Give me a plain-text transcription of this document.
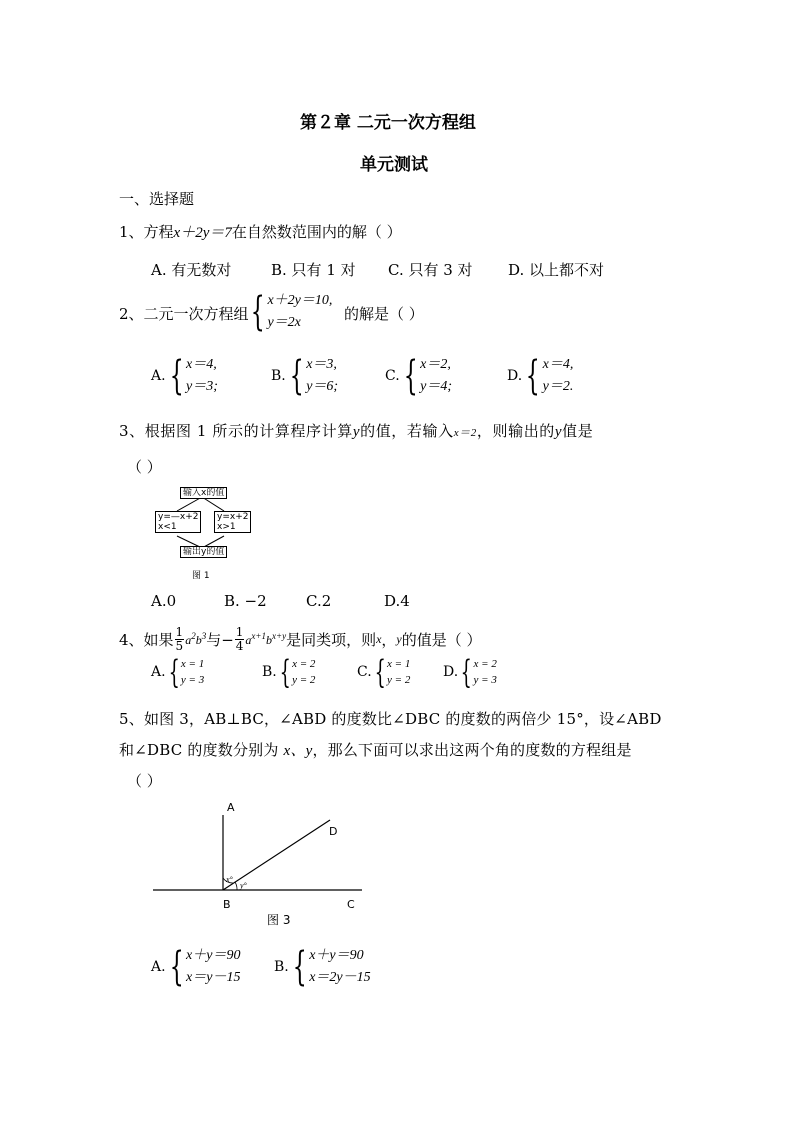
第２章 二元一次方程组
单元测试
一、选择题
1、方程x＋2y＝7在自然数范围内的解（ ）
A. 有无数对	B. 只有 1 对 C. 只有 3 对 D. 以上都不对
2、二元一次方程组 { x＋2y＝10,
y＝2x	的解是（ ）
A. { x＝4,
y＝3;
B. { x＝3,
y＝6;
C. { x＝2,
y＝4;
D. { x＝4,
y＝2.
3、根据图 1 所示的计算程序计算y的值，若输入x＝2，则输出的y值是
（ ）
输入x的值
y=—x+2
x<1
y=x+2
x>1
输出y的值
图 1
A.0	B. −2	C.2	D.4
4、如果 $\frac{1}{5} a^2b^3$ 与 − $\frac{1}{4} a^{x+1}b^{x+y}$ 是同类项，则 x ， y 的值是（ ）
A. { x = 1
y = 3	B. { x = 2
y = 2	C. { x = 1
y = 2 D. { x = 2
y = 3
5、如图 3，AB⊥BC，∠ABD 的度数比∠DBC 的度数的两倍少 15°，设∠ABD
和∠DBC 的度数分别为 x、y，那么下面可以求出这两个角的度数的方程组是
（ ）
A
B	C
D
x°
y°
图 3
A. { x＋y＝90
x＝y－15
B. { x＋y＝90
x＝2y－15
